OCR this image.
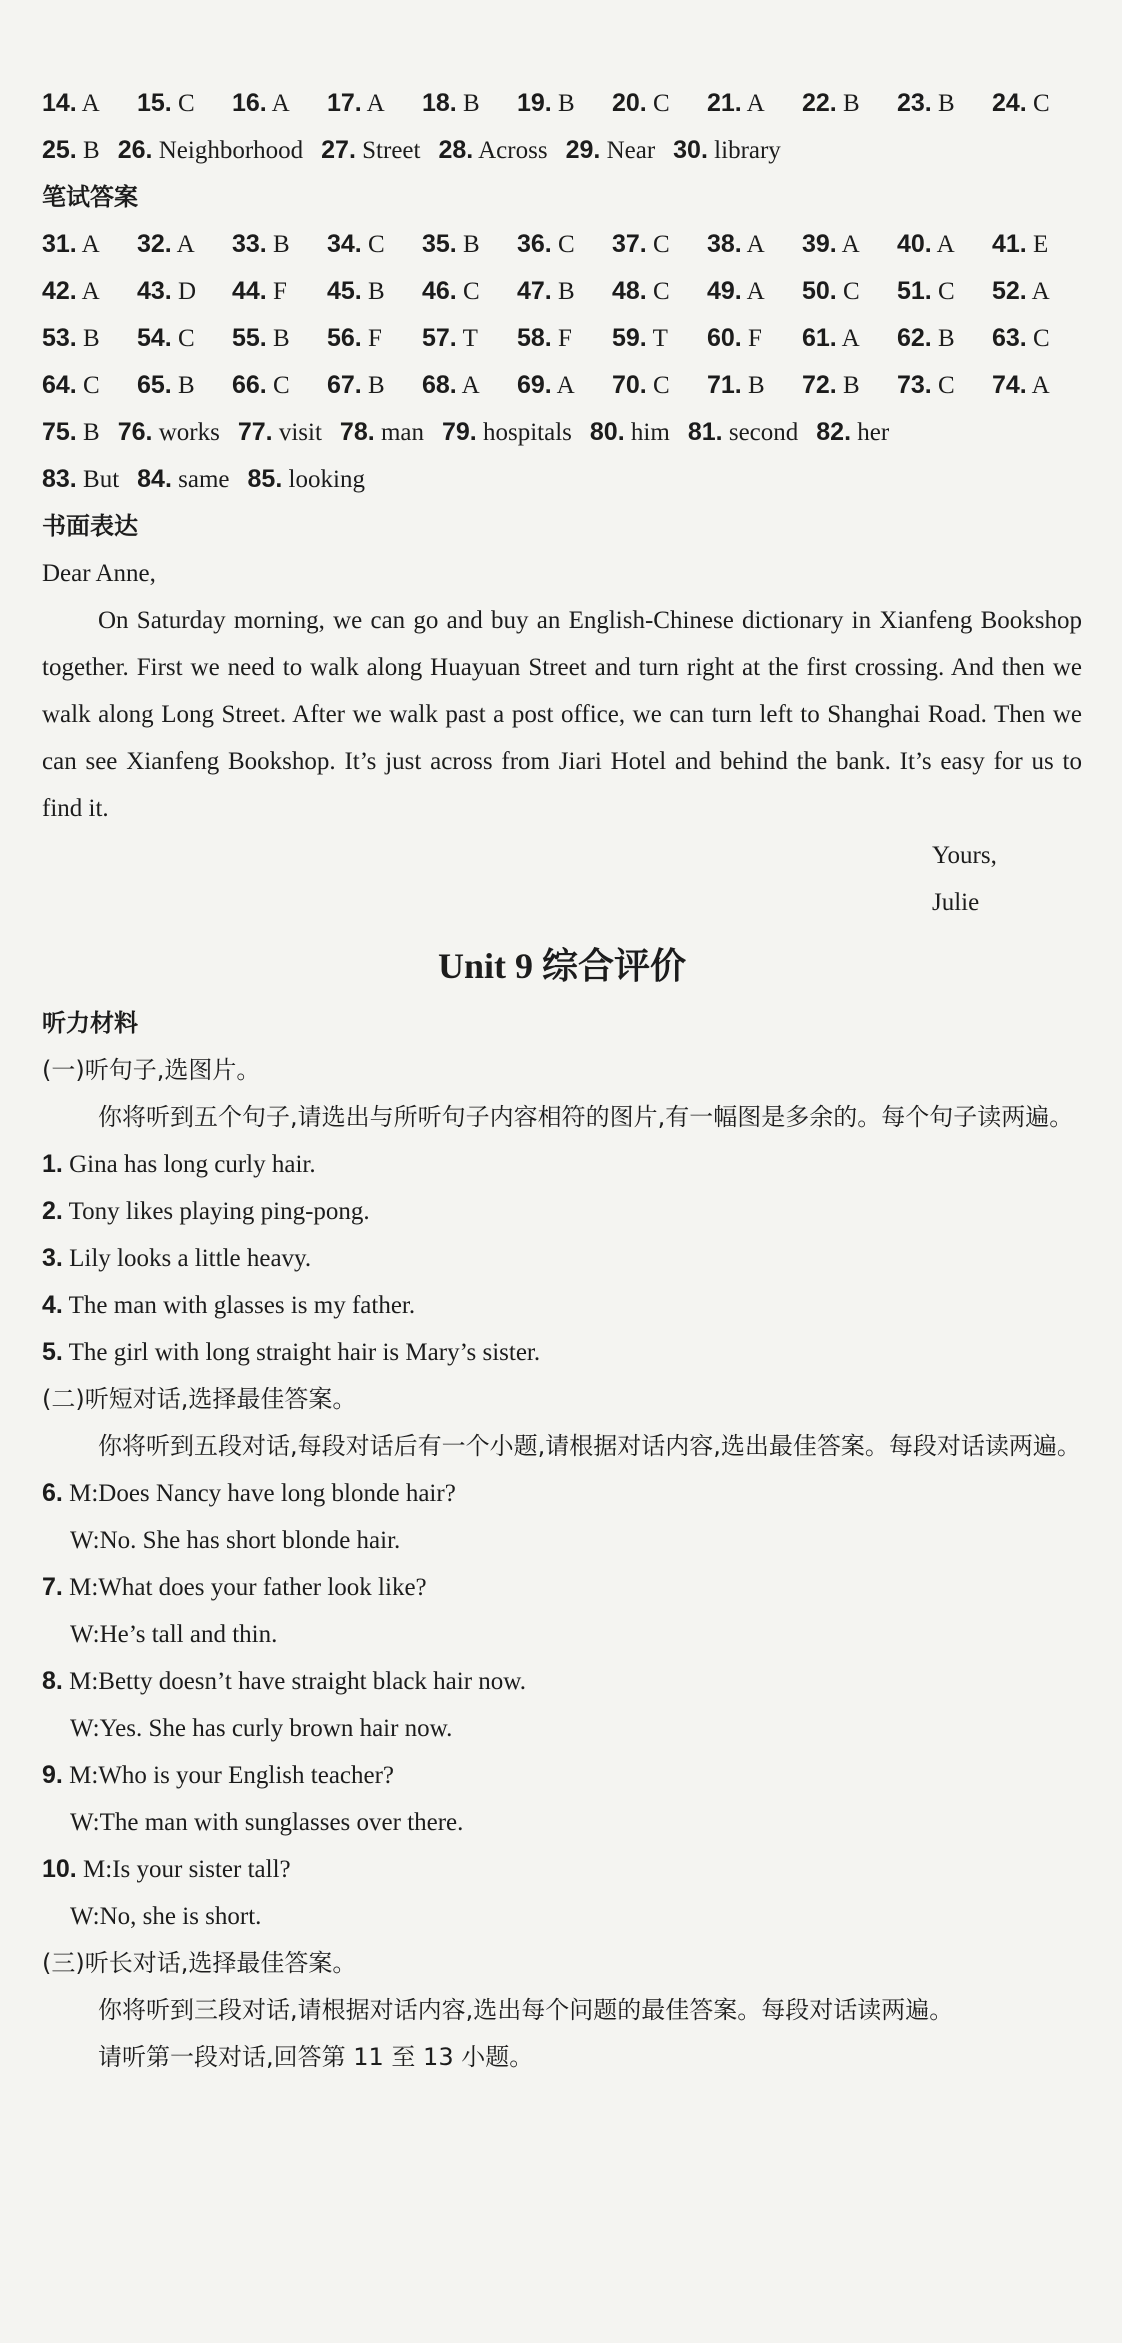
14. A 15. C 16. A 17. A 18. B 19. B 20. C 21. A 22. B 23. B 24. C
25. B 26. Neighborhood 27. Street 28. Across 29. Near 30. library
笔试答案
31. A 32. A 33. B 34. C 35. B 36. C 37. C 38. A 39. A 40. A 41. E
42. A 43. D 44. F 45. B 46. C 47. B 48. C 49. A 50. C 51. C 52. A
53. B 54. C 55. B 56. F 57. T 58. F 59. T 60. F 61. A 62. B 63. C
64. C 65. B 66. C 67. B 68. A 69. A 70. C 71. B 72. B 73. C 74. A
75. B 76. works 77. visit 78. man 79. hospitals 80. him 81. second 82. her
83. But 84. same 85. looking
书面表达
Dear Anne,
On Saturday morning, we can go and buy an English-Chinese dictionary in Xianfeng Bookshop together. First we need to walk along Huayuan Street and turn right at the first crossing. And then we walk along Long Street. After we walk past a post office, we can turn left to Shanghai Road. Then we can see Xianfeng Bookshop. It’s just across from Jiari Hotel and behind the bank. It’s easy for us to find it.
Yours,
Julie
Unit 9 综合评价
听力材料
(一)听句子,选图片。
你将听到五个句子,请选出与所听句子内容相符的图片,有一幅图是多余的。每个句子读两遍。
1. Gina has long curly hair.
2. Tony likes playing ping-pong.
3. Lily looks a little heavy.
4. The man with glasses is my father.
5. The girl with long straight hair is Mary’s sister.
(二)听短对话,选择最佳答案。
你将听到五段对话,每段对话后有一个小题,请根据对话内容,选出最佳答案。每段对话读两遍。
6. M:Does Nancy have long blonde hair?
W:No. She has short blonde hair.
7. M:What does your father look like?
W:He’s tall and thin.
8. M:Betty doesn’t have straight black hair now.
W:Yes. She has curly brown hair now.
9. M:Who is your English teacher?
W:The man with sunglasses over there.
10. M:Is your sister tall?
W:No, she is short.
(三)听长对话,选择最佳答案。
你将听到三段对话,请根据对话内容,选出每个问题的最佳答案。每段对话读两遍。
请听第一段对话,回答第 11 至 13 小题。
